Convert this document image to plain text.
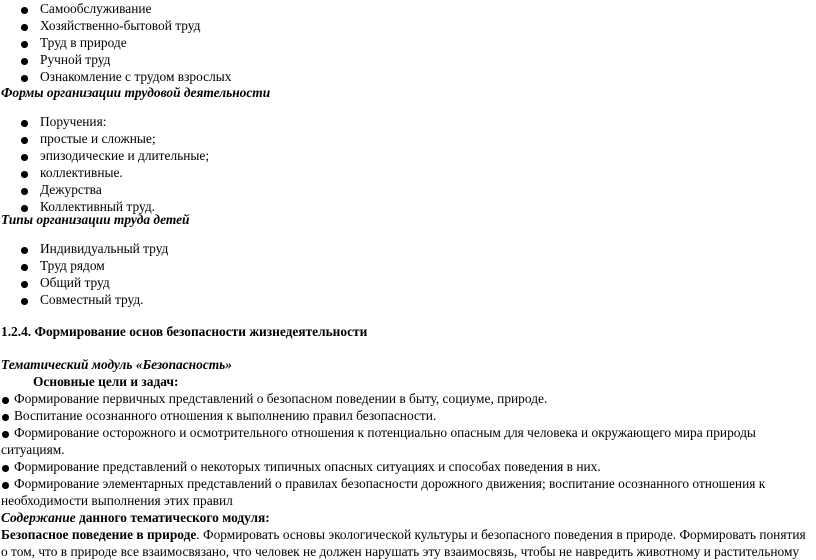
Самообслуживание
Хозяйственно-бытовой труд
Труд в природе
Ручной труд
Ознакомление с трудом взрослых
Формы организации трудовой деятельности
Поручения:
простые и сложные;
эпизодические и длительные;
коллективные.
Дежурства
Коллективный труд.
Типы организации труда детей
Индивидуальный труд
Труд рядом
Общий труд
Совместный труд.
1.2.4. Формирование основ безопасности жизнедеятельности
Тематический модуль «Безопасность»
Основные цели и задач:
Формирование первичных представлений о безопасном поведении в быту, социуме, природе.
Воспитание осознанного отношения к выполнению правил безопасности.
Формирование осторожного и осмотрительного отношения к потенциально опасным для человека и окружающего мира природы
ситуациям.
Формирование представлений о некоторых типичных опасных ситуациях и способах поведения в них.
Формирование элементарных представлений о правилах безопасности дорожного движения; воспитание осознанного отношения к
необходимости выполнения этих правил
Содержание данного тематического модуля:
Безопасное поведение в природе. Формировать основы экологической культуры и безопасного поведения в природе. Формировать понятия
о том, что в природе все взаимосвязано, что человек не должен нарушать эту взаимосвязь, чтобы не навредить животному и растительному
